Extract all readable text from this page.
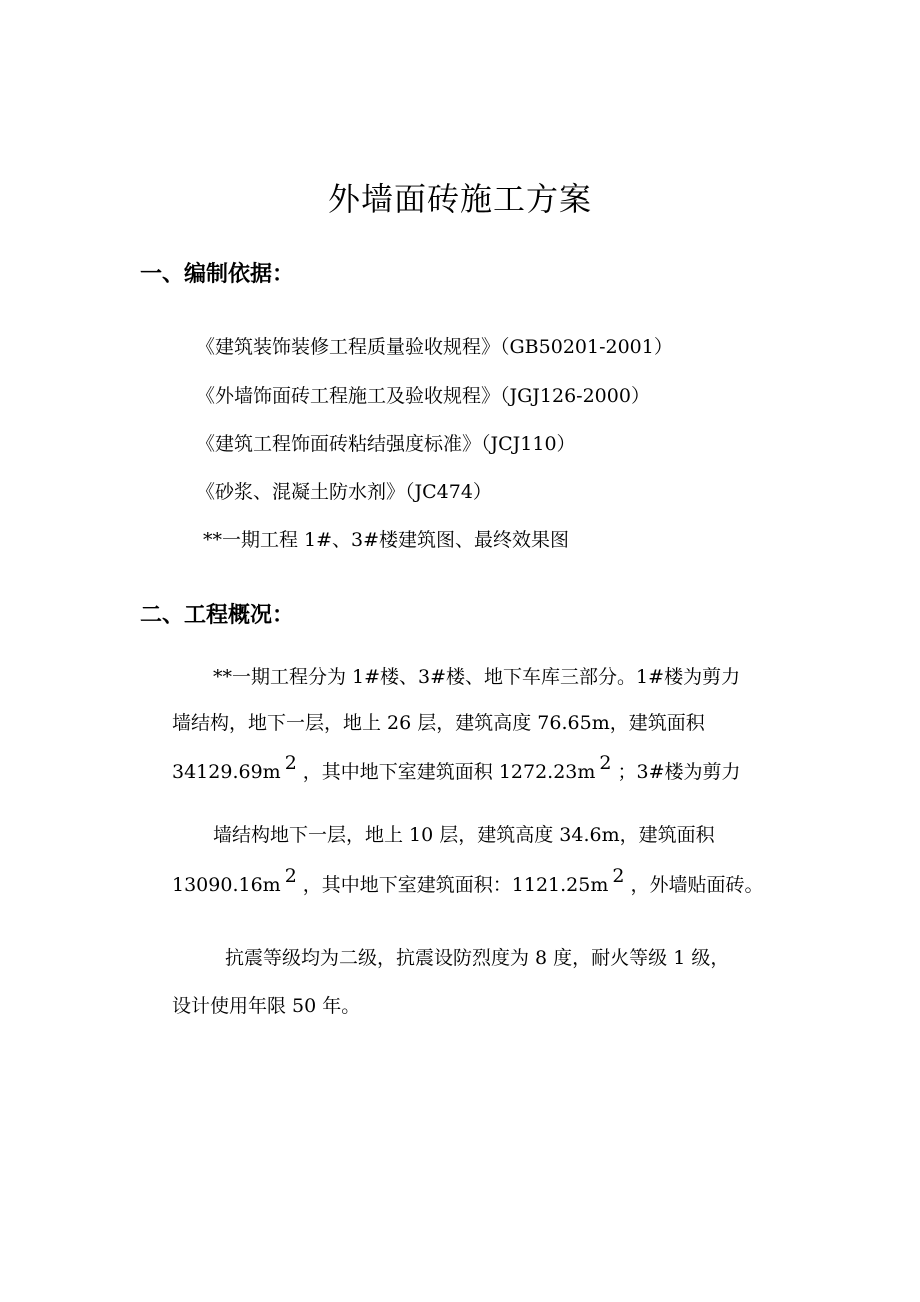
外墙面砖施工方案
一、编制依据：
《建筑装饰装修工程质量验收规程》（GB50201-2001）
《外墙饰面砖工程施工及验收规程》（JGJ126-2000）
《建筑工程饰面砖粘结强度标准》（JCJ110）
《砂浆、混凝土防水剂》（JC474）
**一期工程 1#、3#楼建筑图、最终效果图
二、工程概况：
**一期工程分为 1#楼、3#楼、地下车库三部分。1#楼为剪力
墙结构，地下一层，地上 26 层，建筑高度 76.65m，建筑面积
34129.69m 2 ，其中地下室建筑面积 1272.23m 2 ；3#楼为剪力
墙结构地下一层，地上 10 层，建筑高度 34.6m，建筑面积
13090.16m 2 ，其中地下室建筑面积：1121.25m 2 ，外墙贴面砖。
抗震等级均为二级，抗震设防烈度为 8 度，耐火等级 1 级，
设计使用年限 50 年。
